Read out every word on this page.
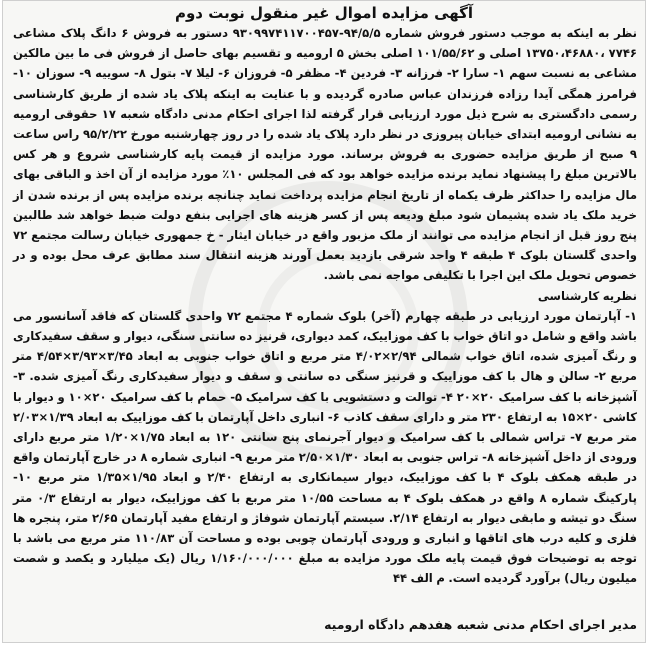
آگهی مزایده اموال غیر منقول نوبت دوم

نظر به اینکه به موجب دستور فروش شماره ۹۴/۵/۵-۹۳۰۹۹۷۴۱۱۷۰۰۴۵۷ دستور به فروش ۶ دانگ پلاک مشاعی ۷۷۴۶ ،۱۳۷۵۰،۴۶۸۸۰ اصلی و ۱۰۱/۵۵/۶۲ اصلی بخش ۵ ارومیه و تقسیم بهای حاصل از فروش فی ما بین مالکین مشاعی به نسبت سهم ۱- سارا ۲- فرزانه ۳- فردین ۴- مظفر ۵- فروزان ۶- لیلا ۷- بتول ۸- سوییه ۹- سوزان ۱۰- فرامرز همگی آیدا رزاده فرزندان عباس صادره گردیده و با عنایت به اینکه پلاک یاد شده از طریق کارشناسی رسمی دادگستری به شرح ذیل مورد ارزیابی قرار گرفته لذا اجرای احکام مدنی دادگاه شعبه ۱۷ حقوقی ارومیه به نشانی ارومیه ابتدای خیابان پیروزی در نظر دارد پلاک یاد شده را در روز چهارشنبه مورخ ۹۵/۲/۲۲ راس ساعت ۹ صبح از طریق مزایده حضوری به فروش برساند. مورد مزایده از قیمت پایه کارشناسی شروع و هر کس بالاترین مبلغ را پیشنهاد نماید برنده مزایده خواهد بود که فی المجلس ۱۰٪ مورد مزایده از آن اخذ و الباقی بهای مال مزایده را حداکثر ظرف یکماه از تاریخ انجام مزایده پرداخت نماید چنانچه برنده مزایده پس از برنده شدن از خرید ملک یاد شده پشیمان شود مبلغ ودیعه پس از کسر هزینه های اجرایی بنفع دولت ضبط خواهد شد طالبین پنج روز قبل از انجام مزایده می توانند از ملک مزبور واقع در خیابان ایثار - خ جمهوری خیابان رسالت مجتمع ۷۲ واحدی گلستان بلوک ۴ طبقه ۴ واحد شرقی بازدید بعمل آورند هزینه انتقال سند مطابق عرف محل بوده و در خصوص تحویل ملک این اجرا با تکلیفی مواجه نمی باشد.

نظریه کارشناسی

۱- آپارتمان مورد ارزیابی در طبقه چهارم (آخر) بلوک شماره ۴ مجتمع ۷۲ واحدی گلستان که فاقد آسانسور می باشد واقع و شامل دو اتاق خواب با کف موزاییک، کمد دیواری، قرنیز ده سانتی سنگی، دیوار و سقف سفیدکاری و رنگ آمیزی شده، اتاق خواب شمالی ۲/۹۴×۴/۰۲ متر مربع و اتاق خواب جنوبی به ابعاد ۳/۴۵×۳/۹۳×۴/۵۴ متر مربع ۲- سالن و هال با کف موزاییک و قرنیز سنگی ده سانتی و سقف و دیوار سفیدکاری رنگ آمیزی شده. ۳- آشپزخانه با کف سرامیک ۲۰×۲۰ ۴- توالت و دستشویی با کف سرامیک ۵- حمام با کف سرامیک ۲۰×۱۰ و دیوار با کاشی ۲۰×۱۵ به ارتفاع ۲۳۰ متر و دارای سقف کاذب ۶- انباری داخل آپارتمان با کف موزاییک به ابعاد ۱/۳۹×۲/۰۳ متر مربع ۷- تراس شمالی با کف سرامیک و دیوار آجرنمای پنج سانتی ۱۲۰ به ابعاد ۱/۷۵×۱/۲۰ متر مربع دارای ورودی از داخل آشپزخانه ۸- تراس جنوبی به ابعاد ۱/۳۰×۲/۵۰ متر مربع ۹- انباری شماره ۸ در خارج آپارتمان واقع در طبقه همکف بلوک ۴ با کف موزاییک، دیوار سیمانکاری به ارتفاع ۲/۴۰ و ابعاد ۱/۹۵×۱/۳۵ متر مربع ۱۰- پارکینگ شماره ۸ واقع در همکف بلوک ۴ به مساحت ۱۰/۵۵ متر مربع با کف موزاییک، دیوار به ارتفاع ۰/۳ متر سنگ دو تیشه و مابقی دیوار به ارتفاع ۲/۱۴. سیستم آپارتمان شوفاژ و ارتفاع مفید آپارتمان ۲/۶۵ متر، پنجره ها فلزی و کلیه درب های اتاقها و انباری و ورودی آپارتمان چوبی بوده و مساحت آن ۱۱۰/۸۳ متر مربع می باشد با توجه به توضیحات فوق قیمت پایه ملک مورد مزایده به مبلغ ۱/۱۶۰/۰۰۰/۰۰۰ ریال (یک میلیارد و یکصد و شصت میلیون ریال) برآورد گردیده است. م الف ۴۴

مدیر اجرای احکام مدنی شعبه هفدهم دادگاه ارومیه
